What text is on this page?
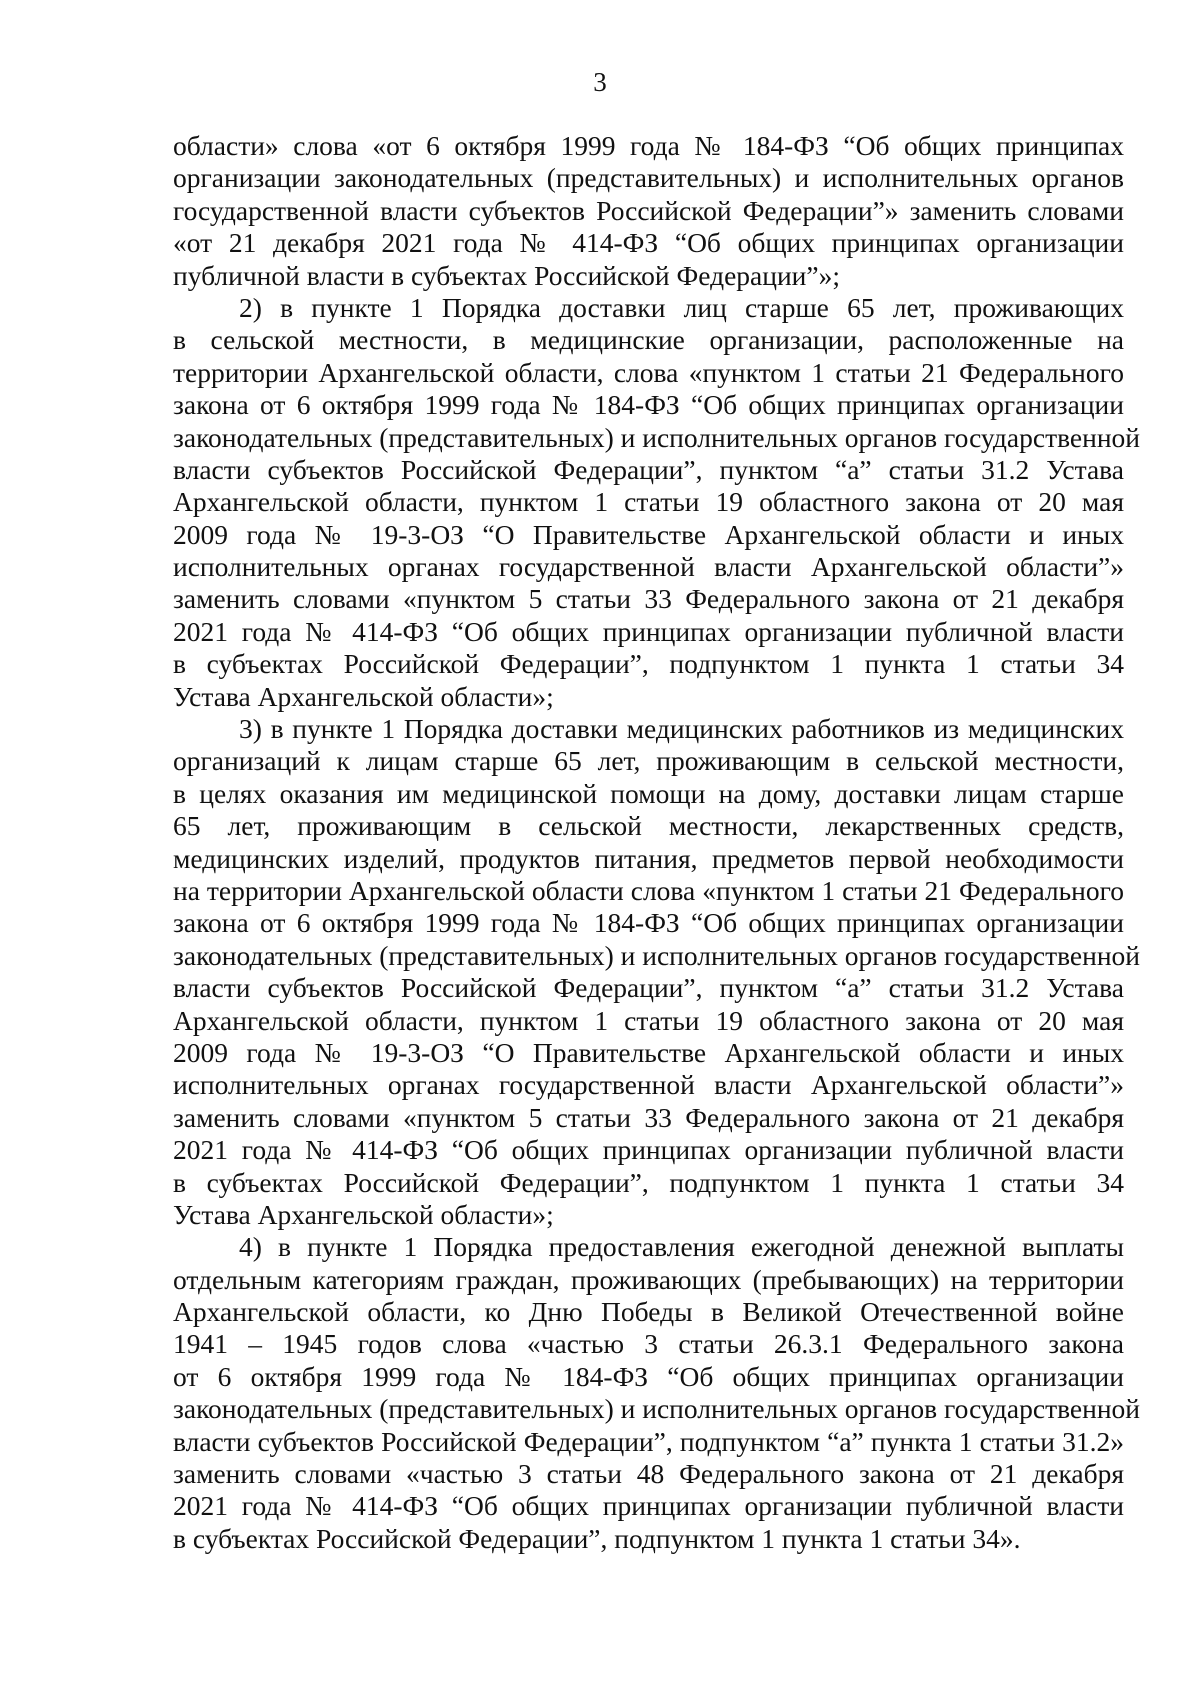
3
области» слова «от 6 октября 1999 года № 184-ФЗ “Об общих принципах
организации законодательных (представительных) и исполнительных органов
государственной власти субъектов Российской Федерации”» заменить словами
«от 21 декабря 2021 года № 414-ФЗ “Об общих принципах организации
публичной власти в субъектах Российской Федерации”»;
2) в пункте 1 Порядка доставки лиц старше 65 лет, проживающих
в сельской местности, в медицинские организации, расположенные на
территории Архангельской области, слова «пунктом 1 статьи 21 Федерального
закона от 6 октября 1999 года № 184-ФЗ “Об общих принципах организации
законодательных (представительных) и исполнительных органов государственной
власти субъектов Российской Федерации”, пунктом “а” статьи 31.2 Устава
Архангельской области, пунктом 1 статьи 19 областного закона от 20 мая
2009 года № 19-3-ОЗ “О Правительстве Архангельской области и иных
исполнительных органах государственной власти Архангельской области”»
заменить словами «пунктом 5 статьи 33 Федерального закона от 21 декабря
2021 года № 414-ФЗ “Об общих принципах организации публичной власти
в субъектах Российской Федерации”, подпунктом 1 пункта 1 статьи 34
Устава Архангельской области»;
3) в пункте 1 Порядка доставки медицинских работников из медицинских
организаций к лицам старше 65 лет, проживающим в сельской местности,
в целях оказания им медицинской помощи на дому, доставки лицам старше
65 лет, проживающим в сельской местности, лекарственных средств,
медицинских изделий, продуктов питания, предметов первой необходимости
на территории Архангельской области слова «пунктом 1 статьи 21 Федерального
закона от 6 октября 1999 года № 184-ФЗ “Об общих принципах организации
законодательных (представительных) и исполнительных органов государственной
власти субъектов Российской Федерации”, пунктом “а” статьи 31.2 Устава
Архангельской области, пунктом 1 статьи 19 областного закона от 20 мая
2009 года № 19-3-ОЗ “О Правительстве Архангельской области и иных
исполнительных органах государственной власти Архангельской области”»
заменить словами «пунктом 5 статьи 33 Федерального закона от 21 декабря
2021 года № 414-ФЗ “Об общих принципах организации публичной власти
в субъектах Российской Федерации”, подпунктом 1 пункта 1 статьи 34
Устава Архангельской области»;
4) в пункте 1 Порядка предоставления ежегодной денежной выплаты
отдельным категориям граждан, проживающих (пребывающих) на территории
Архангельской области, ко Дню Победы в Великой Отечественной войне
1941 – 1945 годов слова «частью 3 статьи 26.3.1 Федерального закона
от 6 октября 1999 года № 184-ФЗ “Об общих принципах организации
законодательных (представительных) и исполнительных органов государственной
власти субъектов Российской Федерации”, подпунктом “а” пункта 1 статьи 31.2»
заменить словами «частью 3 статьи 48 Федерального закона от 21 декабря
2021 года № 414-ФЗ “Об общих принципах организации публичной власти
в субъектах Российской Федерации”, подпунктом 1 пункта 1 статьи 34».
